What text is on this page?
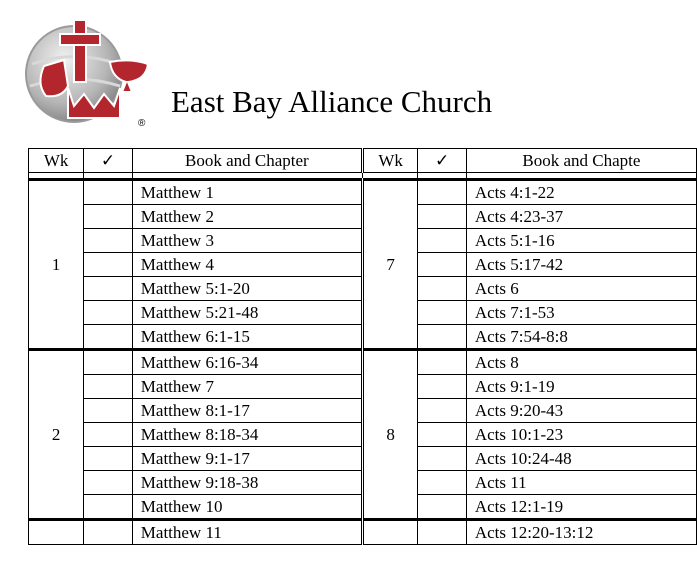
®
East Bay Alliance Church
Wk	✓	Book and Chapter	Wk	✓	Book and Chapte

1		Matthew 1	7		Acts 4:1-22
		Matthew 2			Acts 4:23-37
		Matthew 3			Acts 5:1-16
		Matthew 4			Acts 5:17-42
		Matthew 5:1-20			Acts 6
		Matthew 5:21-48			Acts 7:1-53
		Matthew 6:1-15			Acts 7:54-8:8
2		Matthew 6:16-34	8		Acts 8
		Matthew 7			Acts 9:1-19
		Matthew 8:1-17			Acts 9:20-43
		Matthew 8:18-34			Acts 10:1-23
		Matthew 9:1-17			Acts 10:24-48
		Matthew 9:18-38			Acts 11
		Matthew 10			Acts 12:1-19
		Matthew 11			Acts 12:20-13:12
